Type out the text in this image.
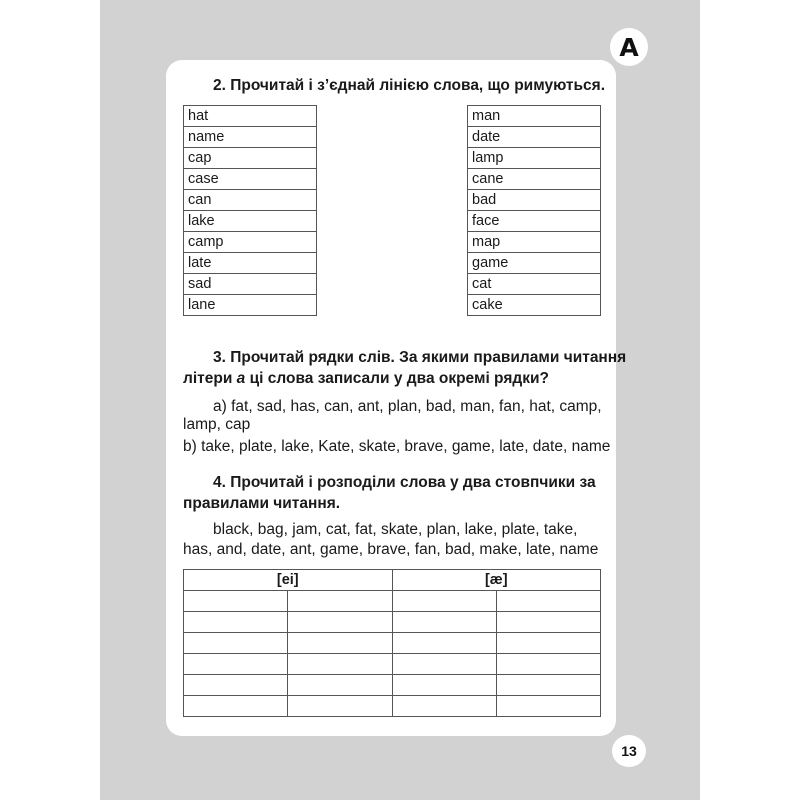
A
13
2. Прочитай і з’єднай лінією слова, що римуються.
hat
name
cap
case
can
lake
camp
late
sad
lane
man
date
lamp
cane
bad
face
map
game
cat
cake
3. Прочитай рядки слів. За якими правилами читання
літери a ці слова записали у два окремі рядки?
a) fat, sad, has, can, ant, plan, bad, man, fan, hat, camp,
lamp, cap
b) take, plate, lake, Kate, skate, brave, game, late, date, name
4. Прочитай і розподіли слова у два стовпчики за
правилами читання.
black, bag, jam, cat, fat, skate, plan, lake, plate, take,
has, and, date, ant, game, brave, fan, bad, make, late, name
[ei]		[æ]	
